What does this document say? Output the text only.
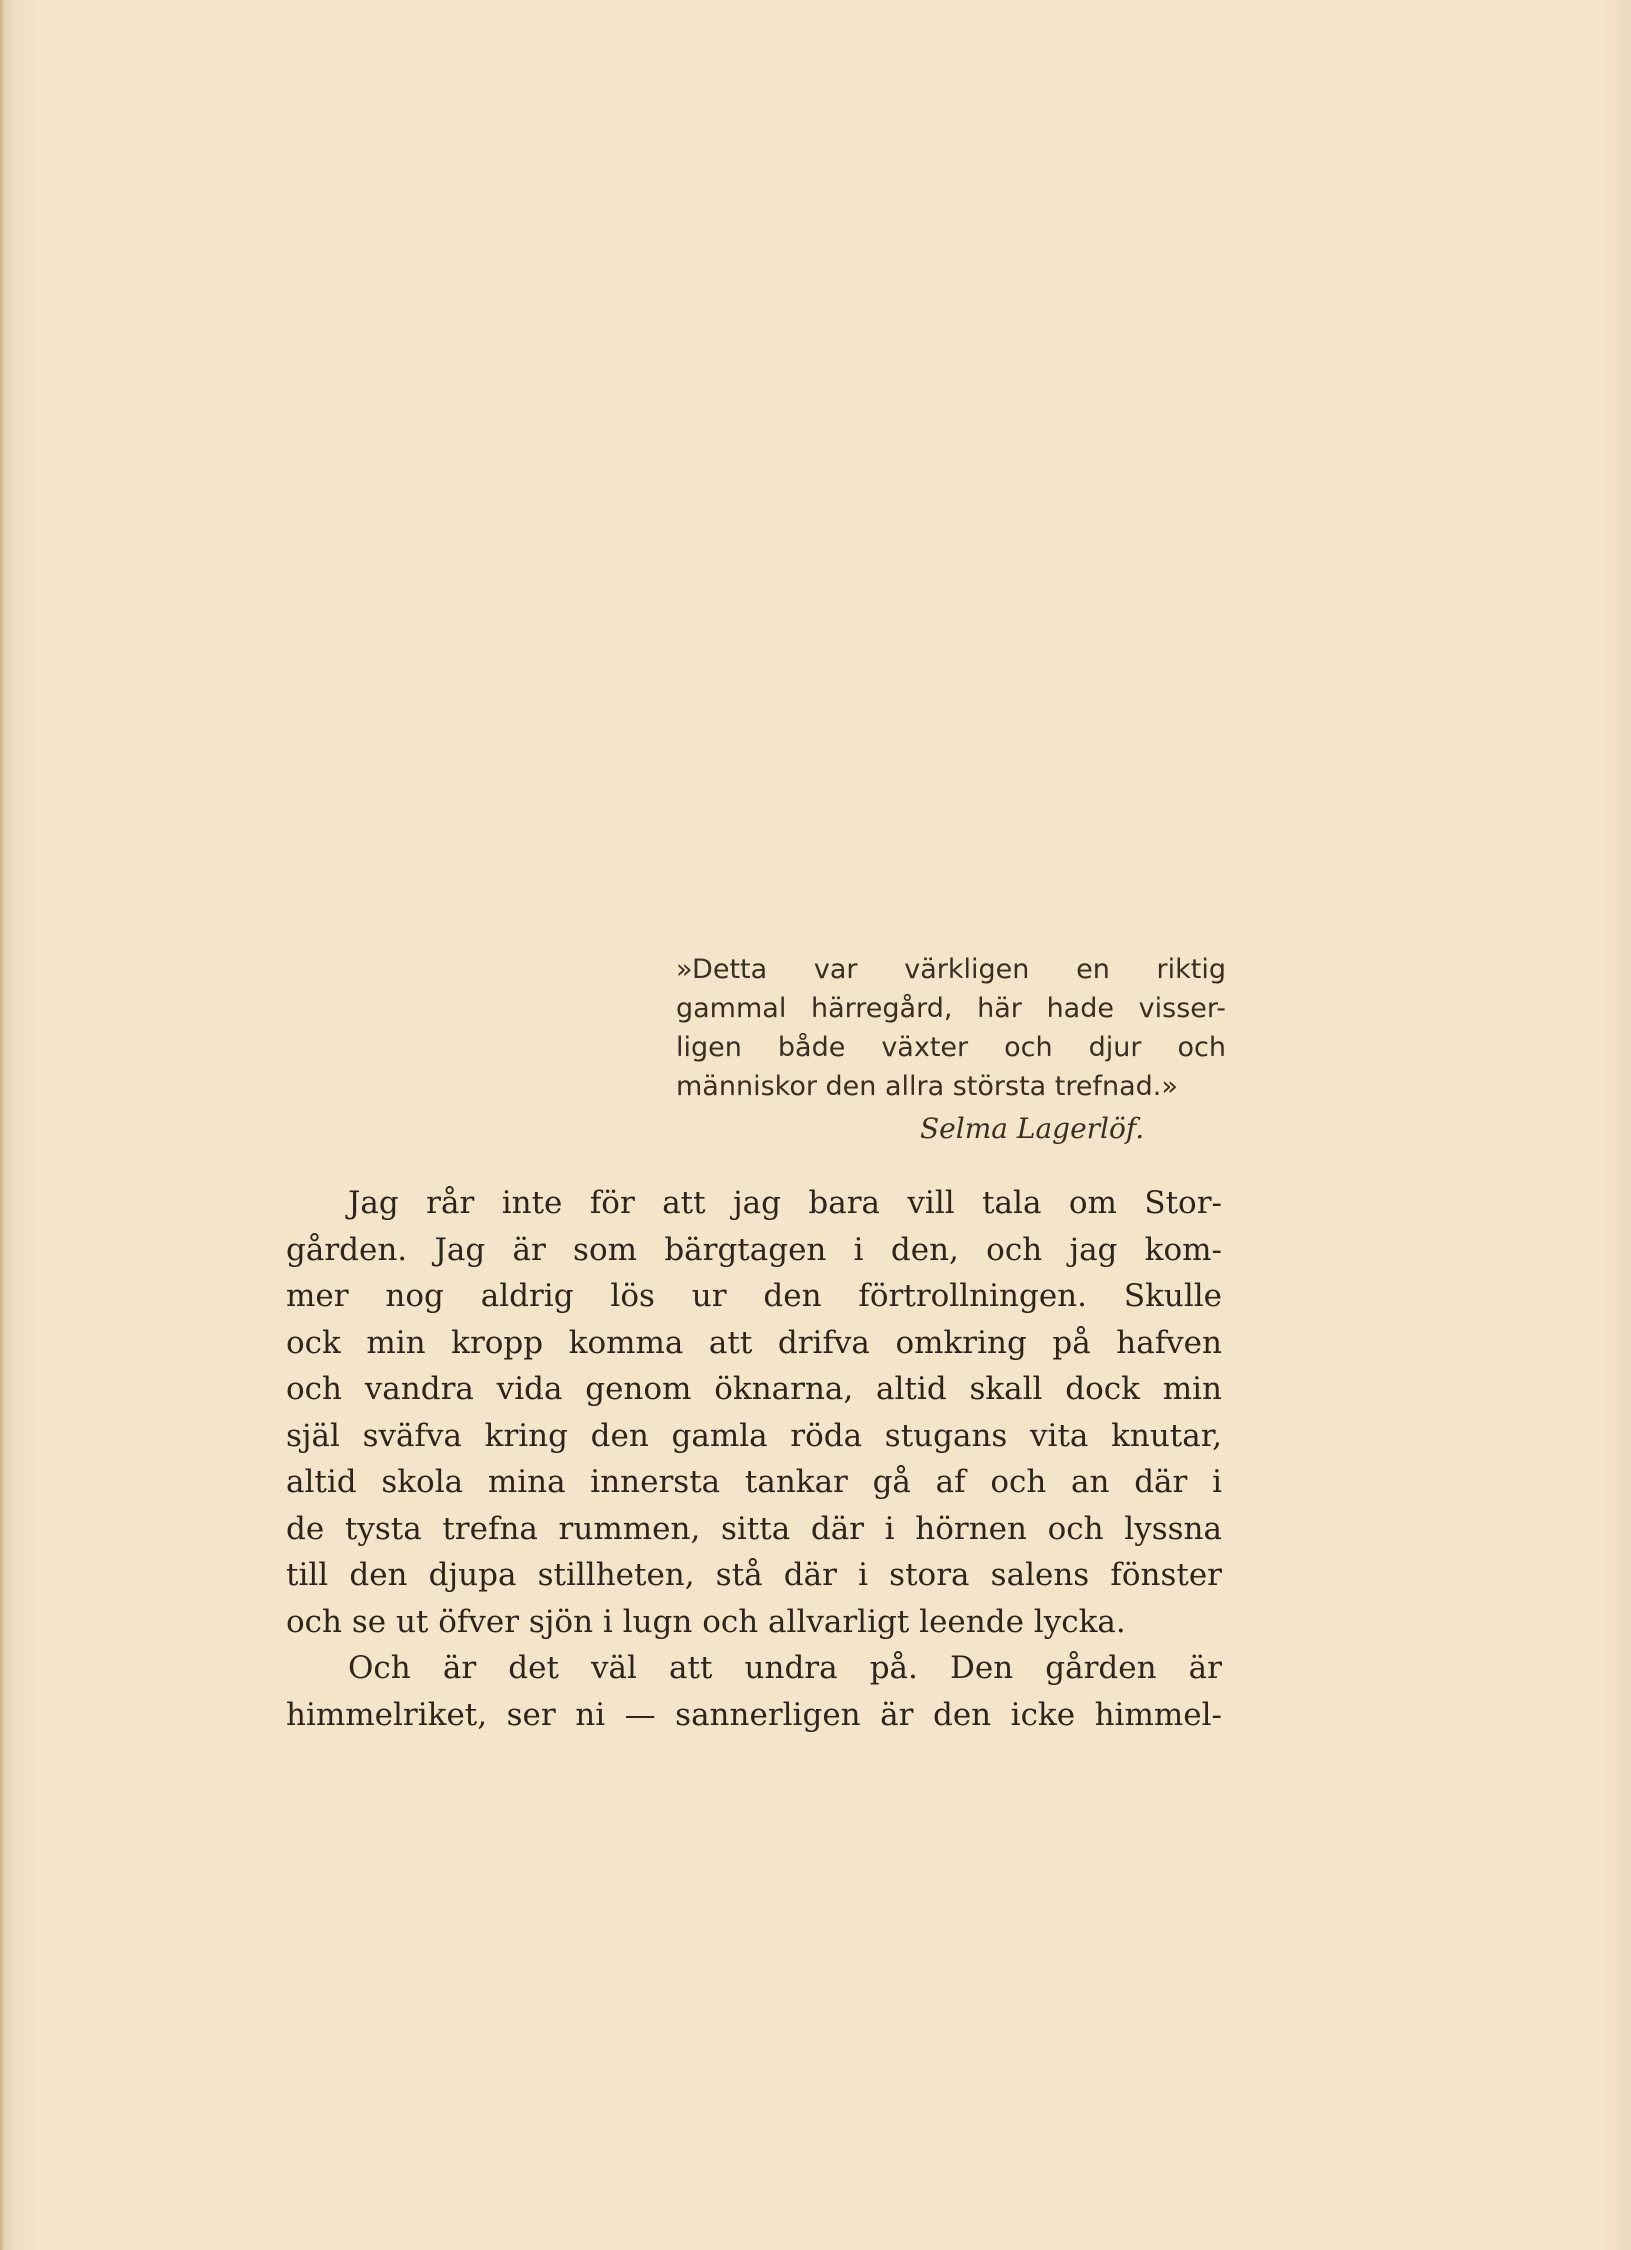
»Detta var värkligen en riktig
gammal härregård, här hade visser-
ligen både växter och djur och
människor den allra största trefnad.»
Selma Lagerlöf.
Jag rår inte för att jag bara vill tala om Stor-
gården. Jag är som bärgtagen i den, och jag kom-
mer nog aldrig lös ur den förtrollningen. Skulle
ock min kropp komma att drifva omkring på hafven
och vandra vida genom öknarna, altid skall dock min
själ sväfva kring den gamla röda stugans vita knutar,
altid skola mina innersta tankar gå af och an där i
de tysta trefna rummen, sitta där i hörnen och lyssna
till den djupa stillheten, stå där i stora salens fönster
och se ut öfver sjön i lugn och allvarligt leende lycka.
Och är det väl att undra på. Den gården är
himmelriket, ser ni — sannerligen är den icke himmel-
